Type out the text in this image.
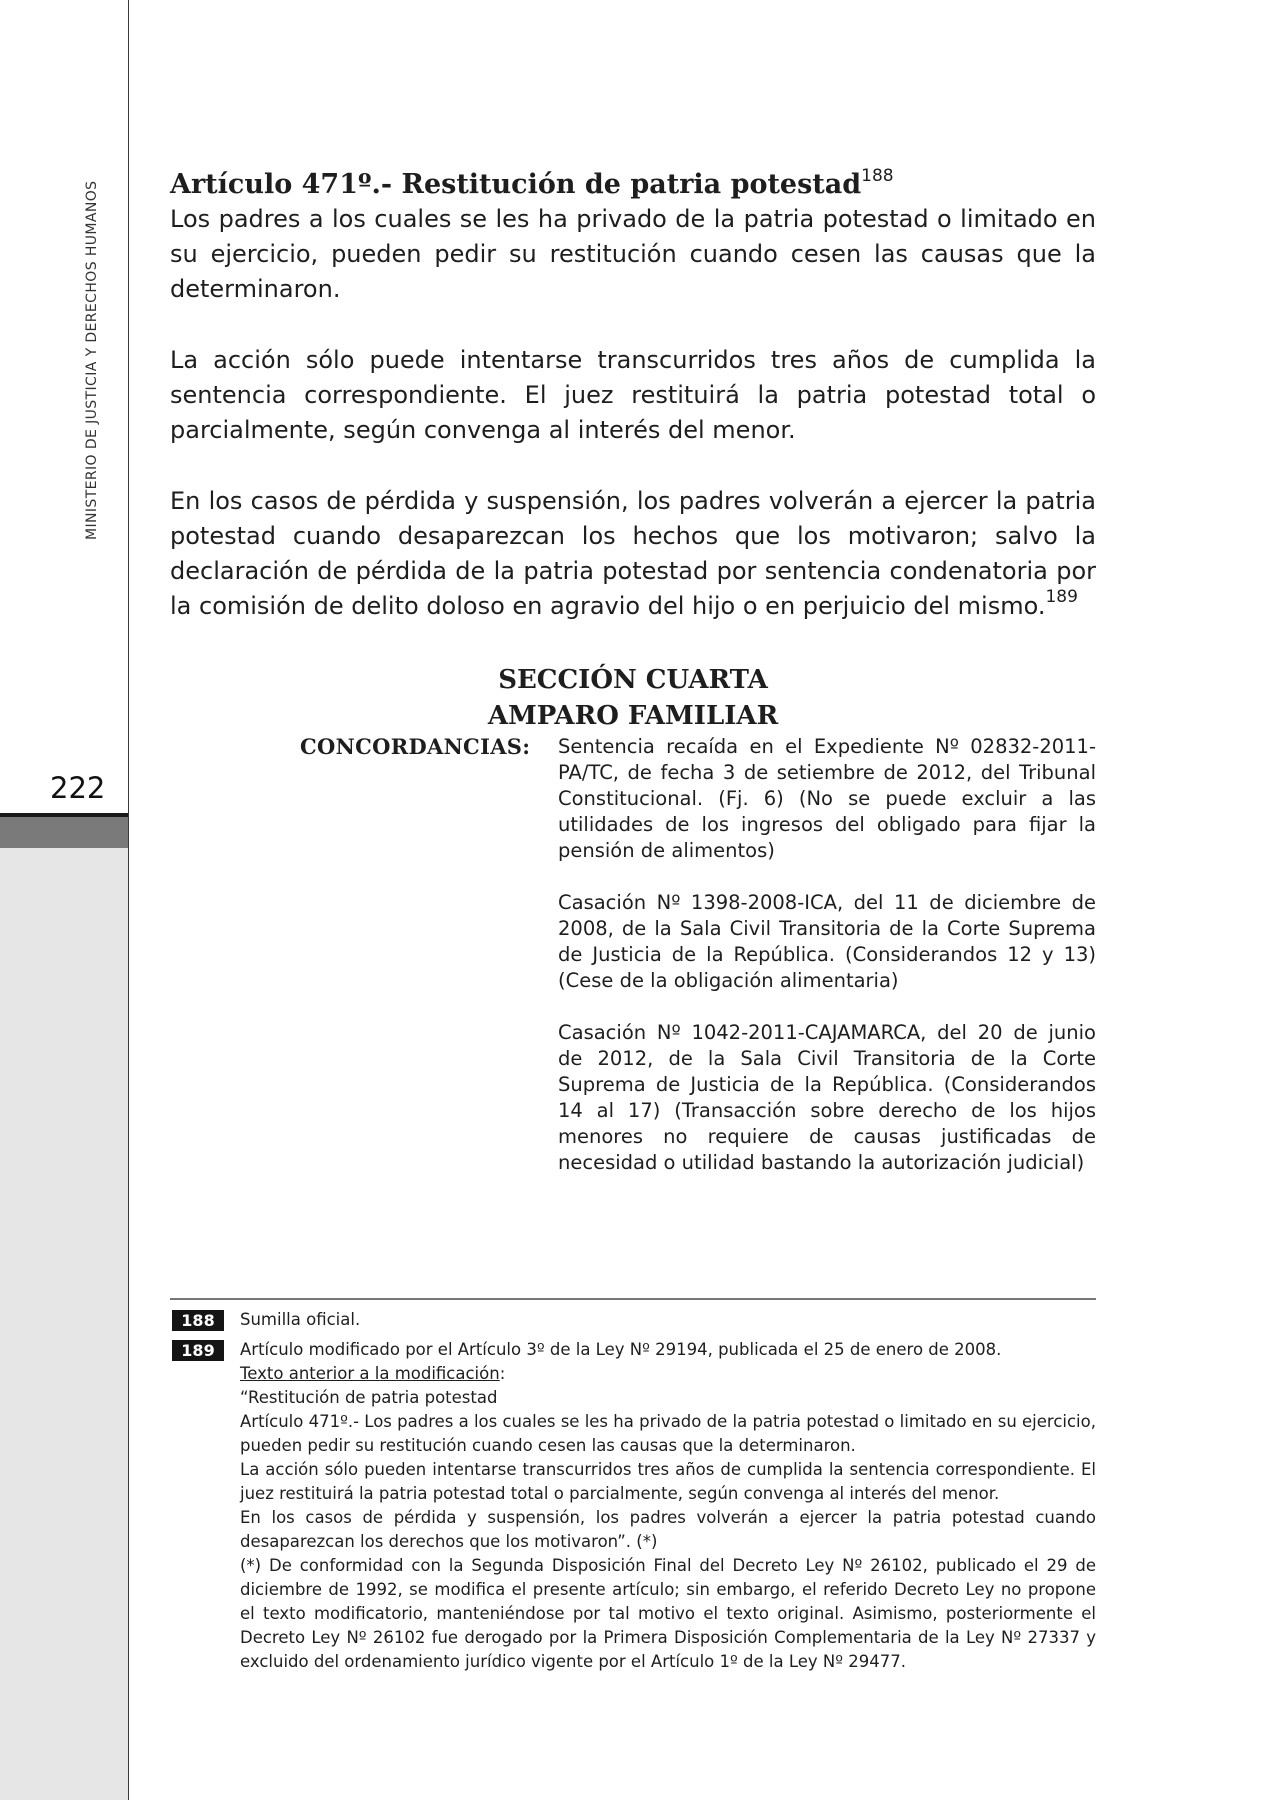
MINISTERIO DE JUSTICIA Y DERECHOS HUMANOS
222

Artículo 471º.- Restitución de patria potestad$^{188}$

Los padres a los cuales se les ha privado de la patria potestad o limitado en su ejercicio, pueden pedir su restitución cuando cesen las causas que la determinaron.

La acción sólo puede intentarse transcurridos tres años de cumplida la sentencia correspondiente. El juez restituirá la patria potestad total o parcialmente, según convenga al interés del menor.

En los casos de pérdida y suspensión, los padres volverán a ejercer la patria potestad cuando desaparezcan los hechos que los motivaron; salvo la declaración de pérdida de la patria potestad por sentencia condenatoria por la comisión de delito doloso en agravio del hijo o en perjuicio del mismo.$^{189}$

SECCIÓN CUARTA
AMPARO FAMILIAR
CONCORDANCIAS: Sentencia recaída en el Expediente Nº 02832-2011-PA/TC, de fecha 3 de setiembre de 2012, del Tribunal Constitucional. (Fj. 6) (No se puede excluir a las utilidades de los ingresos del obligado para fijar la pensión de alimentos)

Casación Nº 1398-2008-ICA, del 11 de diciembre de 2008, de la Sala Civil Transitoria de la Corte Suprema de Justicia de la República. (Considerandos 12 y 13) (Cese de la obligación alimentaria)

Casación Nº 1042-2011-CAJAMARCA, del 20 de junio de 2012, de la Sala Civil Transitoria de la Corte Suprema de Justicia de la República. (Considerandos 14 al 17) (Transacción sobre derecho de los hijos menores no requiere de causas justificadas de necesidad o utilidad bastando la autorización judicial)

188	Sumilla oficial.

189	Artículo modificado por el Artículo 3º de la Ley Nº 29194, publicada el 25 de enero de 2008.

Texto anterior a la modificación:

“Restitución de patria potestad

Artículo 471º.- Los padres a los cuales se les ha privado de la patria potestad o limitado en su ejercicio, pueden pedir su restitución cuando cesen las causas que la determinaron.

La acción sólo pueden intentarse transcurridos tres años de cumplida la sentencia correspondiente. El juez restituirá la patria potestad total o parcialmente, según convenga al interés del menor.

En los casos de pérdida y suspensión, los padres volverán a ejercer la patria potestad cuando desaparezcan los derechos que los motivaron”. (*)

(*) De conformidad con la Segunda Disposición Final del Decreto Ley Nº 26102, publicado el 29 de diciembre de 1992, se modifica el presente artículo; sin embargo, el referido Decreto Ley no propone el texto modificatorio, manteniéndose por tal motivo el texto original. Asimismo, posteriormente el Decreto Ley Nº 26102 fue derogado por la Primera Disposición Complementaria de la Ley Nº 27337 y excluido del ordenamiento jurídico vigente por el Artículo 1º de la Ley Nº 29477.
